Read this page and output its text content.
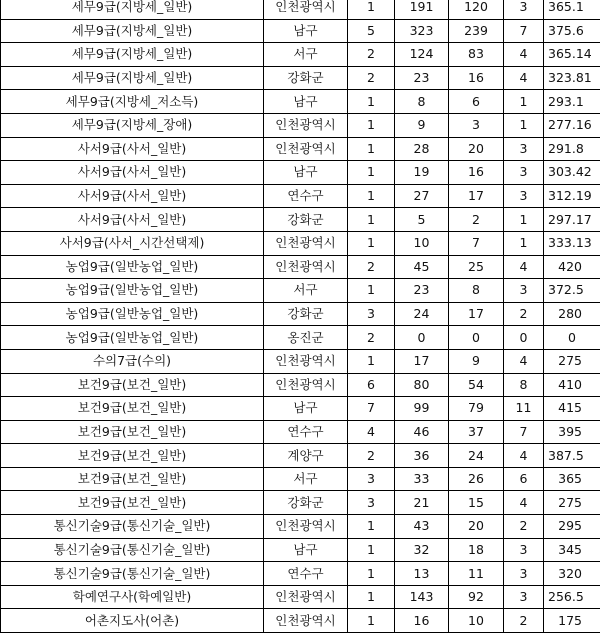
세무9급(지방세_일반)	인천광역시	1	191	120	3	365.1
세무9급(지방세_일반)	남구	5	323	239	7	375.6
세무9급(지방세_일반)	서구	2	124	83	4	365.14
세무9급(지방세_일반)	강화군	2	23	16	4	323.81
세무9급(지방세_저소득)	남구	1	8	6	1	293.1
세무9급(지방세_장애)	인천광역시	1	9	3	1	277.16
사서9급(사서_일반)	인천광역시	1	28	20	3	291.8
사서9급(사서_일반)	남구	1	19	16	3	303.42
사서9급(사서_일반)	연수구	1	27	17	3	312.19
사서9급(사서_일반)	강화군	1	5	2	1	297.17
사서9급(사서_시간선택제)	인천광역시	1	10	7	1	333.13
농업9급(일반농업_일반)	인천광역시	2	45	25	4	420
농업9급(일반농업_일반)	서구	1	23	8	3	372.5
농업9급(일반농업_일반)	강화군	3	24	17	2	280
농업9급(일반농업_일반)	옹진군	2	0	0	0	0
수의7급(수의)	인천광역시	1	17	9	4	275
보건9급(보건_일반)	인천광역시	6	80	54	8	410
보건9급(보건_일반)	남구	7	99	79	11	415
보건9급(보건_일반)	연수구	4	46	37	7	395
보건9급(보건_일반)	계양구	2	36	24	4	387.5
보건9급(보건_일반)	서구	3	33	26	6	365
보건9급(보건_일반)	강화군	3	21	15	4	275
통신기술9급(통신기술_일반)	인천광역시	1	43	20	2	295
통신기술9급(통신기술_일반)	남구	1	32	18	3	345
통신기술9급(통신기술_일반)	연수구	1	13	11	3	320
학예연구사(학예일반)	인천광역시	1	143	92	3	256.5
어촌지도사(어촌)	인천광역시	1	16	10	2	175
